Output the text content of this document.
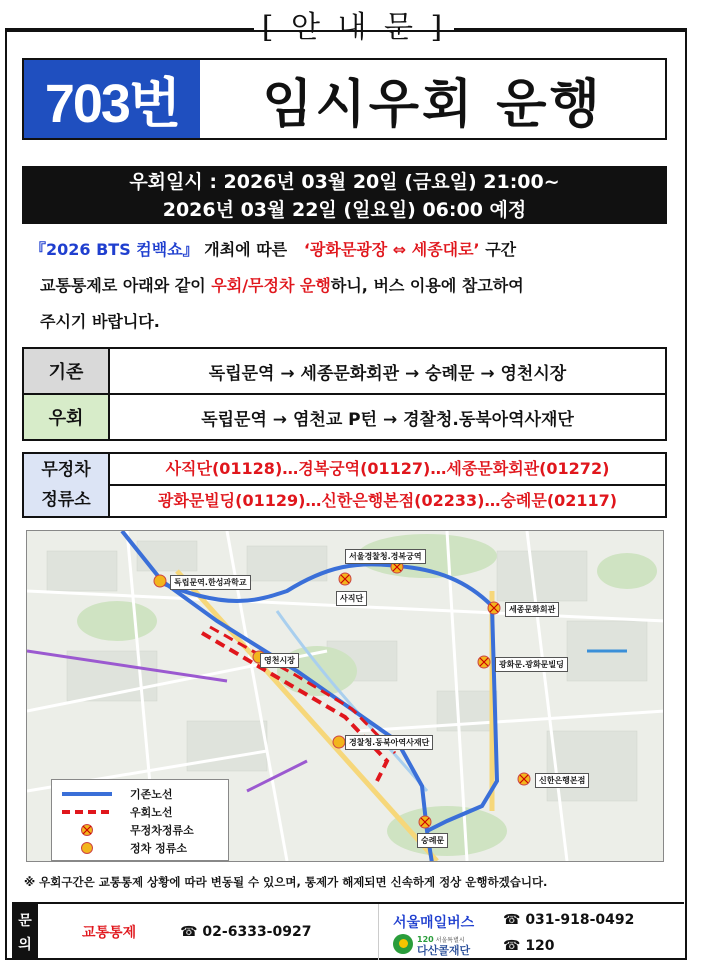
[ 안 내 문 ]
703번	임시우회 운행
우회일시 : 2026년 03월 20일 (금요일) 21:00~
2026년 03월 22일 (일요일) 06:00 예정
『2026 BTS 컴백쇼』 개최에 따른   ‘광화문광장 ⇔ 세종대로’ 구간
교통통제로 아래와 같이 우회/무정차 운행하니, 버스 이용에 참고하여
주시기 바랍니다.
기존	독립문역 → 세종문화회관 → 숭례문 → 영천시장
우회	독립문역 → 염천교 P턴 → 경찰청.동북아역사재단
무정차
정류소
	사직단(01128)…경복궁역(01127)…세종문화회관(01272)
광화문빌딩(01129)…신한은행본점(02233)…숭례문(02117)
독립문역.한성과학교
서울경찰청.경복궁역
사직단
세종문화회관
영천시장	광화문.광화문빌딩
경찰청.동북아역사재단
신한은행본점
숭례문
기존노선
우회노선
무정차정류소
정차 정류소
※ 우회구간은 교통통제 상황에 따라 변동될 수 있으며, 통제가 해제되면 신속하게 정상 운행하겠습니다.
문
의
교통통제	☎ 02-6333-0927
서울매일버스 ☎ 031-918-0492
120 서울특별시
다산콜재단 ☎ 120
